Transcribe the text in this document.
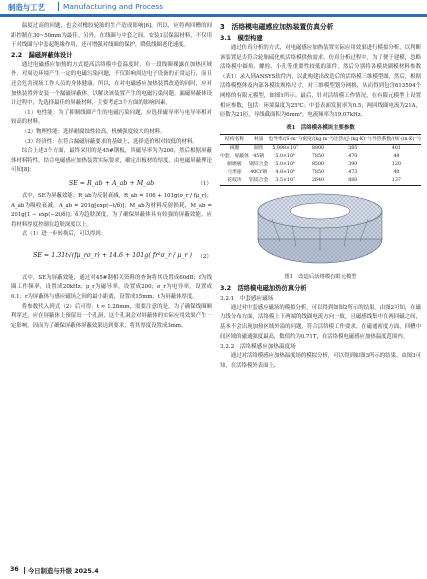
制造与工艺 Manufacturing and Process

温度过高的问题，也会对橡胶轮胎的生产造成影响[6]。所以，应将两回槽的间距控制在30~50mm为最佳。另外，在线圈与中套之间，安装1层保温材料，不仅用于对线圈与中套起绝缘作用，还可增强对线圈的保护，降低线圈老化速度。

2.2　漏磁屏蔽体设计

通过电磁感应加热的方式提高活络模中套温度时，有一段线圈裸露在加热区域外，对周边环境产生一定的电磁污染问题，不仅影响周边电子设备的正常运行，而且还会危害现场工作人员的身体健康。所以，在对电磁感应加热装置改造的同时，应对加热装置外安装一个漏磁屏蔽体，以解决该装置产生的电磁污染问题。漏磁屏蔽体设计过程中，先选择最佳的屏蔽材料，主要考虑3个方面的影响因素。

（1）电性能：为了抑制线圈产生的电磁污染问题，应选择磁导率与电导率相对较高的材料。

（2）物理性能：选择耐腐蚀性较高、机械强度较大的材料。

（3）经济性：在符合漏磁屏蔽要求的基础上，选择造价相对较低的材料。

综合上述3个方面，最终采用的是45#钢板，其磁导率为为200，然后根据屏蔽体材料特性，结合电磁感应加热装置实际要求，确定出板材的厚度。由电磁屏蔽理论可知[8]：

SE = R_ab + A_ab + M_ab	（1）

式中，SE为屏蔽效能；R_ab为反射衰减，R_ab = 106 + 101g(σ_r / fμ_r)；A_ab为吸收衰减，A_ab = 201g[exp(−t/δ)]；M_ab为材料反射损耗，M_ab = 201g[1 − exp(−2t/δ)]；δ为趋肤深度，为了确保屏蔽体具有较强的屏蔽效能，应将材料厚度控制在趋肤深度以上。

式（1）进一步转换后，可以得到：

SE = 1.31t√(fμ_rσ_r) + 14.6 + 101g( fr²σ_r / μ_r ) （2）

式中，SE为屏蔽效能，通过对45#钢相关资料的查询将其设置成60dB；f为线圈工作频率，设置成20kHz；μ_r为磁导率，设置成200；σ_r为电导率，设置成0.1；r为屏蔽体与感应磁场之间的最小距离，设置成15mm；t为屏蔽体厚度。

将参数代入到式（2）后可得：t ≈ 1.28mm，需要注意的是，为了确保线圈顺利穿过，应在屏蔽体上预留出一个孔洞，这个孔洞会对屏蔽体的实际应用效果产生一定影响，因而为了确保屏蔽体屏蔽效果达到要求，将其厚度设置成3mm。

3　活络模电磁感应加热装置仿真分析

3.1　模型构建

通过仿真分析的方式，对电磁感应加热装置实际应用效果进行模拟分析，以判断该装置是否符合轮胎硫化机活络模供热需求。仿真分析过程中，为了便于建模，忽略活络模中圆角、螺栓、小孔等重要性较低的部件，然后分别将各模块副模材料参数（表1）录入到ANSYS软件内，以此构建出改造后的活络模三维模型图，然后，根据活络模整体及内部各模块规格尺寸，对三维模型划分网格，从而得到包含613594个网格的有限元模型，如图1所示。最后，针对活络模工作情况，在有限元模型上设置相应参数，包括：环境温度为25℃；中套表面发射率为0.5；两回线圈电流为21A，匝数为21匝，导线截面积为6mm²，电流频率为19.07kHz。

表1　活络模各模块主要参数
结构名称	材质	电导率/(S·m⁻¹)	密度/(kg·m⁻³)	比热/(J·(kg·K)⁻¹)	导热系数/(W·(m·K)⁻¹)
线圈	铜丝	5.998×10⁷	8900	385	401
中套、屏蔽体	45钢	5.0×10⁶	7850	470	48
耐磨板	钢锌合金	5.0×10⁶	8500	390	120
弓形座	40Cr钢	4.8×10⁶	7850	473	40
花纹块	铝镁合金	3.5×10⁷	2640	880	137
图1　改造后活络模有限元模型

3.2　活络模电磁加热仿真分析

3.2.1　中套感应磁场

通过对中套感应磁场的模拟分析，可以得到如图2所示的结果。由图2可知，在磁力线分布方面，活络模上下两端的线圈电流方向一致，且磁感线集中在两回磁之间，基本不会出现加热区域外溢的问题，符合活络模工作要求，在磁通密度方面，回槽中间区域的磁通强度最高，数值约为0.71T，在活络模电磁感应加热温度范围内。

3.2.2　活络模感应加热温度场

通过对活络模感应加热温度场的模拟分析，可以得到如图3所示的结果。由图3可知，在活络模外表面上，

36 今日制造与升级 2025.4
